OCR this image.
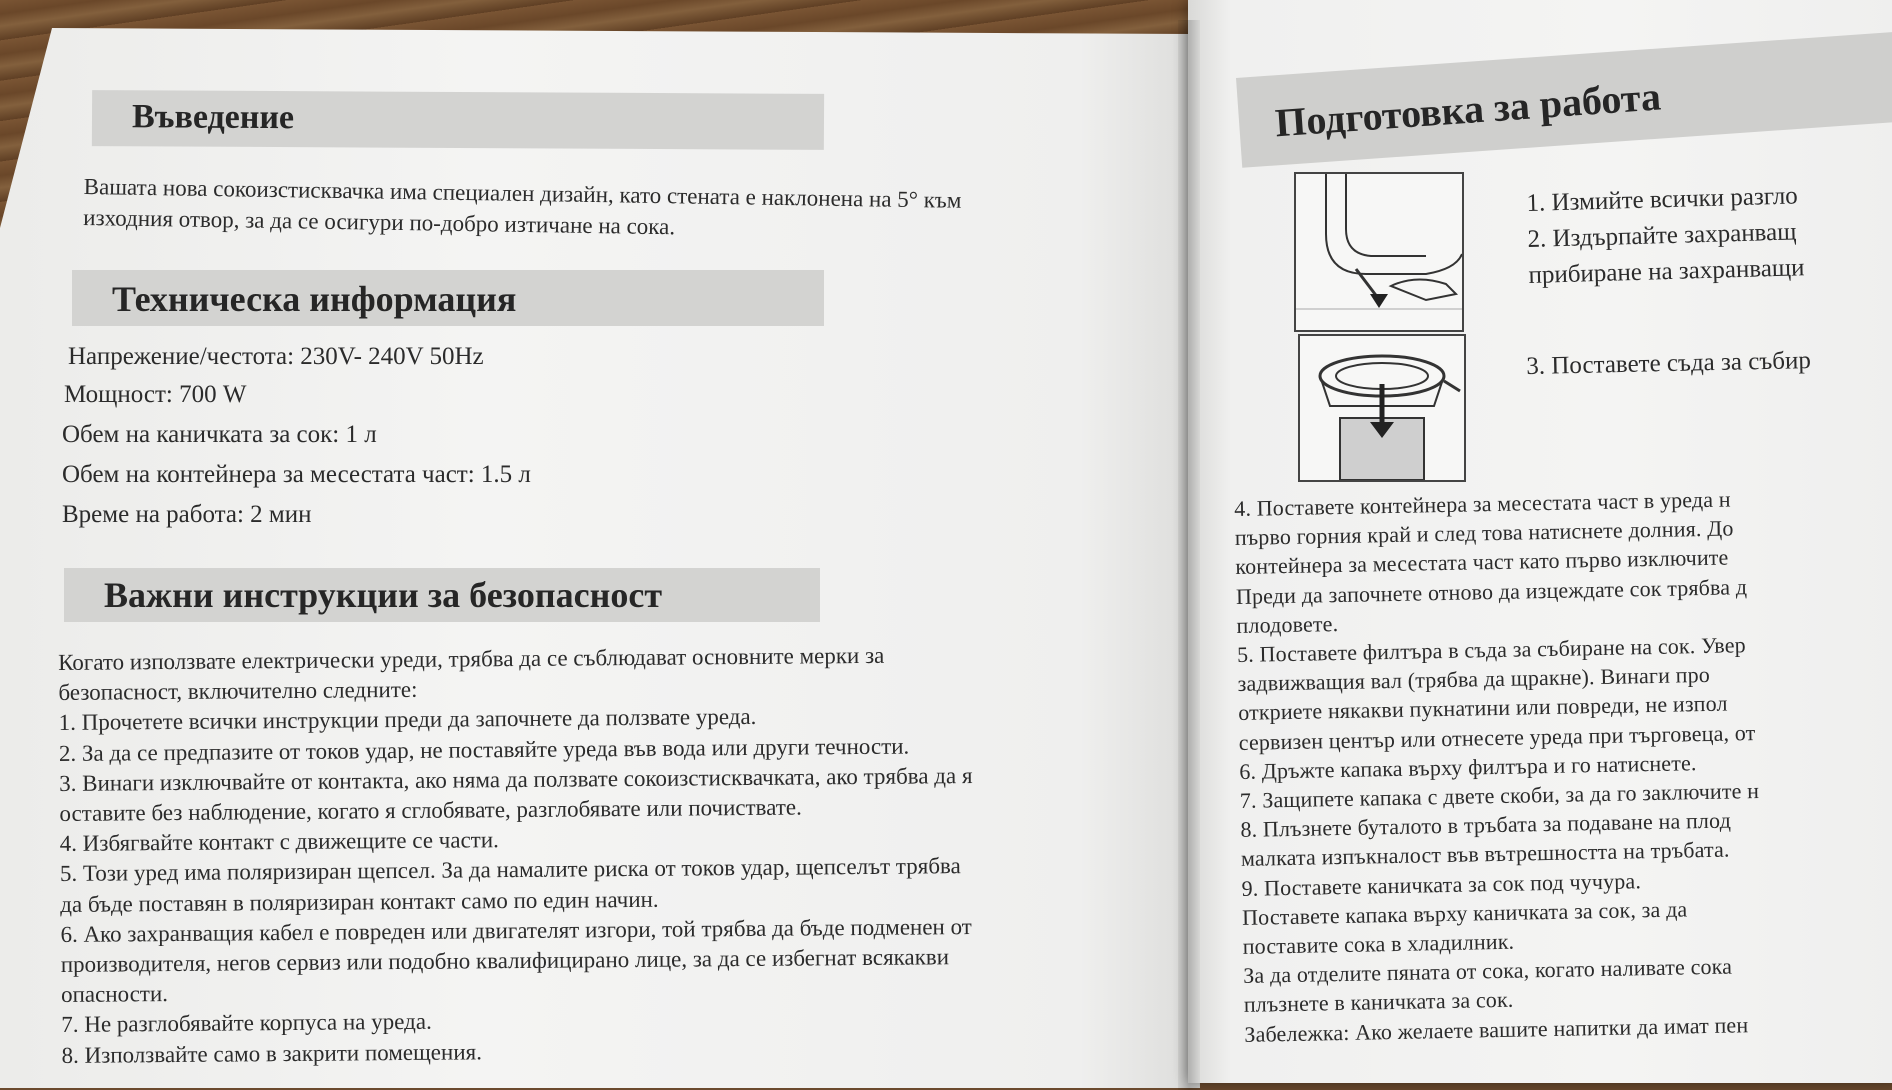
Въведение
Вашата нова сокоизстисквачка има специален дизайн, като стената е наклонена на 5° към
изходния отвор, за да се осигури по-добро изтичане на сока.
Техническа информация
Напрежение/честота: 230V- 240V 50Hz
Мощност: 700 W
Обем на каничката за сок: 1 л
Обем на контейнера за месестата част: 1.5 л
Време на работа: 2 мин
Важни инструкции за безопасност
Когато използвате електрически уреди, трябва да се съблюдават основните мерки за
безопасност, включително следните:
1. Прочетете всички инструкции преди да започнете да ползвате уреда.
2. За да се предпазите от токов удар, не поставяйте уреда във вода или други течности.
3. Винаги изключвайте от контакта, ако няма да ползвате сокоизстисквачката, ако трябва да я
оставите без наблюдение, когато я сглобявате, разглобявате или почиствате.
4. Избягвайте контакт с движещите се части.
5. Този уред има поляризиран щепсел. За да намалите риска от токов удар, щепселът трябва
да бъде поставян в поляризиран контакт само по един начин.
6. Ако захранващия кабел е повреден или двигателят изгори, той трябва да бъде подменен от
производителя, негов сервиз или подобно квалифицирано лице, за да се избегнат всякакви
опасности.
7. Не разглобявайте корпуса на уреда.
8. Използвайте само в закрити помещения.
Подготовка за работа
1. Измийте всички разгло
2. Издърпайте захранващ
прибиране на захранващи
3. Поставете съда за събир
4. Поставете контейнера за месестата част в уреда н
първо горния край и след това натиснете долния. До
контейнера за месестата част като първо изключите
Преди да започнете отново да изцеждате сок трябва д
плодовете.
5. Поставете филтъра в съда за събиране на сок. Увер
задвижващия вал (трябва да щракне). Винаги про
откриете някакви пукнатини или повреди, не изпол
сервизен център или отнесете уреда при търговеца, от
6. Дръжте капака върху филтъра и го натиснете.
7. Защипете капака с двете скоби, за да го заключите н
8. Плъзнете буталото в тръбата за подаване на плод
малката изпъкналост във вътрешността на тръбата.
9. Поставете каничката за сок под чучура.
Поставете капака върху каничката за сок, за да
поставите сока в хладилник.
За да отделите пяната от сока, когато наливате сока
плъзнете в каничката за сок.
Забележка: Ако желаете вашите напитки да имат пен
